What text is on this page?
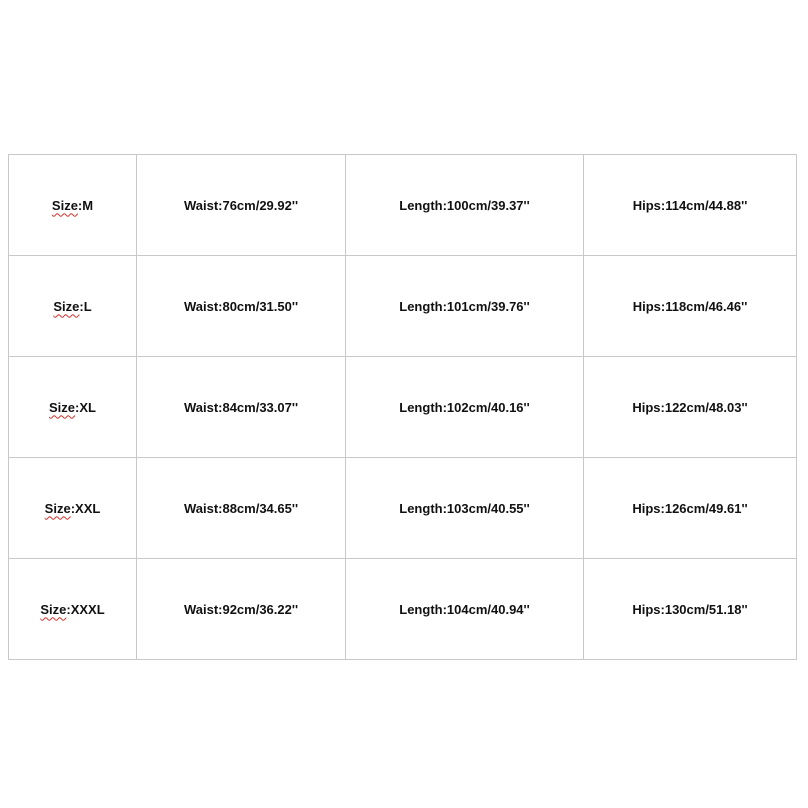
Size:M	Waist:76cm/29.92''	Length:100cm/39.37''	Hips:114cm/44.88''
Size:L	Waist:80cm/31.50''	Length:101cm/39.76''	Hips:118cm/46.46''
Size:XL	Waist:84cm/33.07''	Length:102cm/40.16''	Hips:122cm/48.03''
Size:XXL	Waist:88cm/34.65''	Length:103cm/40.55''	Hips:126cm/49.61''
Size:XXXL	Waist:92cm/36.22''	Length:104cm/40.94''	Hips:130cm/51.18''
